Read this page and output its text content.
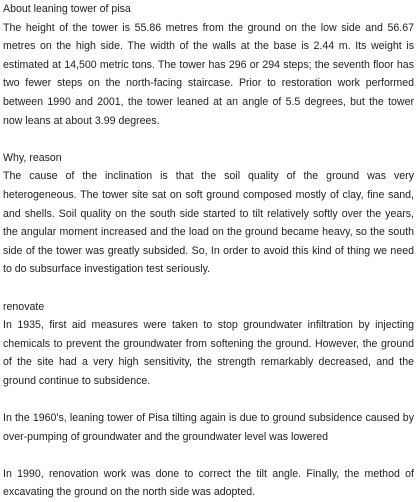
About leaning tower of pisa

The height of the tower is 55.86 metres from the ground on the low side and 56.67 metres on the high side. The width of the walls at the base is 2.44 m. Its weight is estimated at 14,500 metric tons. The tower has 296 or 294 steps; the seventh floor has two fewer steps on the north-facing staircase. Prior to restoration work performed between 1990 and 2001, the tower leaned at an angle of 5.5 degrees, but the tower now leans at about 3.99 degrees.

Why, reason

The cause of the inclination is that the soil quality of the ground was very heterogeneous. The tower site sat on soft ground composed mostly of clay, fine sand, and shells. Soil quality on the south side started to tilt relatively softly over the years, the angular moment increased and the load on the ground became heavy, so the south side of the tower was greatly subsided. So, In order to avoid this kind of thing we need to do subsurface investigation test seriously.

renovate

In 1935, first aid measures were taken to stop groundwater infiltration by injecting chemicals to prevent the groundwater from softening the ground. However, the ground of the site had a very high sensitivity, the strength remarkably decreased, and the ground continue to subsidence.

In the 1960's, leaning tower of Pisa tilting again is due to ground subsidence caused by over-pumping of groundwater and the groundwater level was lowered

In 1990, renovation work was done to correct the tilt angle. Finally, the method of excavating the ground on the north side was adopted.
